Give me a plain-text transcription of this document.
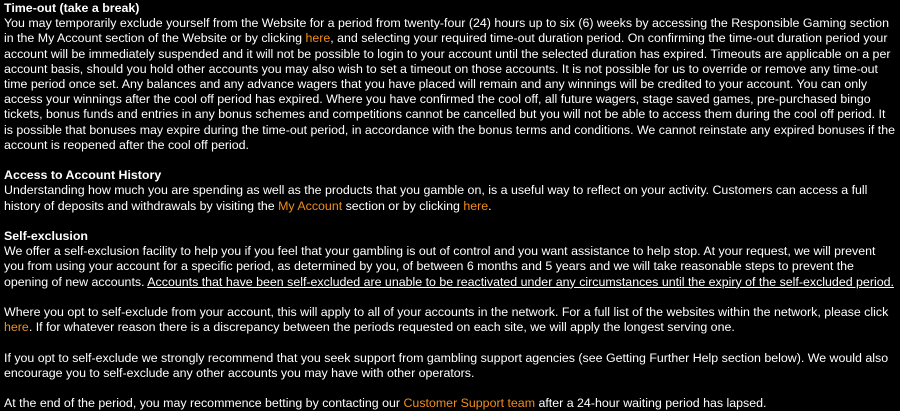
Time-out (take a break)

You may temporarily exclude yourself from the Website for a period from twenty-four (24) hours up to six (6) weeks by accessing the Responsible Gaming section in the My Account section of the Website or by clicking here, and selecting your required time-out duration period. On confirming the time-out duration period your account will be immediately suspended and it will not be possible to login to your account until the selected duration has expired. Timeouts are applicable on a per account basis, should you hold other accounts you may also wish to set a timeout on those accounts. It is not possible for us to override or remove any time-out time period once set. Any balances and any advance wagers that you have placed will remain and any winnings will be credited to your account. You can only access your winnings after the cool off period has expired. Where you have confirmed the cool off, all future wagers, stage saved games, pre-purchased bingo tickets, bonus funds and entries in any bonus schemes and competitions cannot be cancelled but you will not be able to access them during the cool off period. It is possible that bonuses may expire during the time-out period, in accordance with the bonus terms and conditions. We cannot reinstate any expired bonuses if the account is reopened after the cool off period.

Access to Account History

Understanding how much you are spending as well as the products that you gamble on, is a useful way to reflect on your activity. Customers can access a full history of deposits and withdrawals by visiting the My Account section or by clicking here.

Self-exclusion

We offer a self-exclusion facility to help you if you feel that your gambling is out of control and you want assistance to help stop. At your request, we will prevent you from using your account for a specific period, as determined by you, of between 6 months and 5 years and we will take reasonable steps to prevent the opening of new accounts. Accounts that have been self-excluded are unable to be reactivated under any circumstances until the expiry of the self-excluded period.

Where you opt to self-exclude from your account, this will apply to all of your accounts in the network. For a full list of the websites within the network, please click here. If for whatever reason there is a discrepancy between the periods requested on each site, we will apply the longest serving one.

If you opt to self-exclude we strongly recommend that you seek support from gambling support agencies (see Getting Further Help section below). We would also encourage you to self-exclude any other accounts you may have with other operators.

At the end of the period, you may recommence betting by contacting our Customer Support team after a 24-hour waiting period has lapsed.
